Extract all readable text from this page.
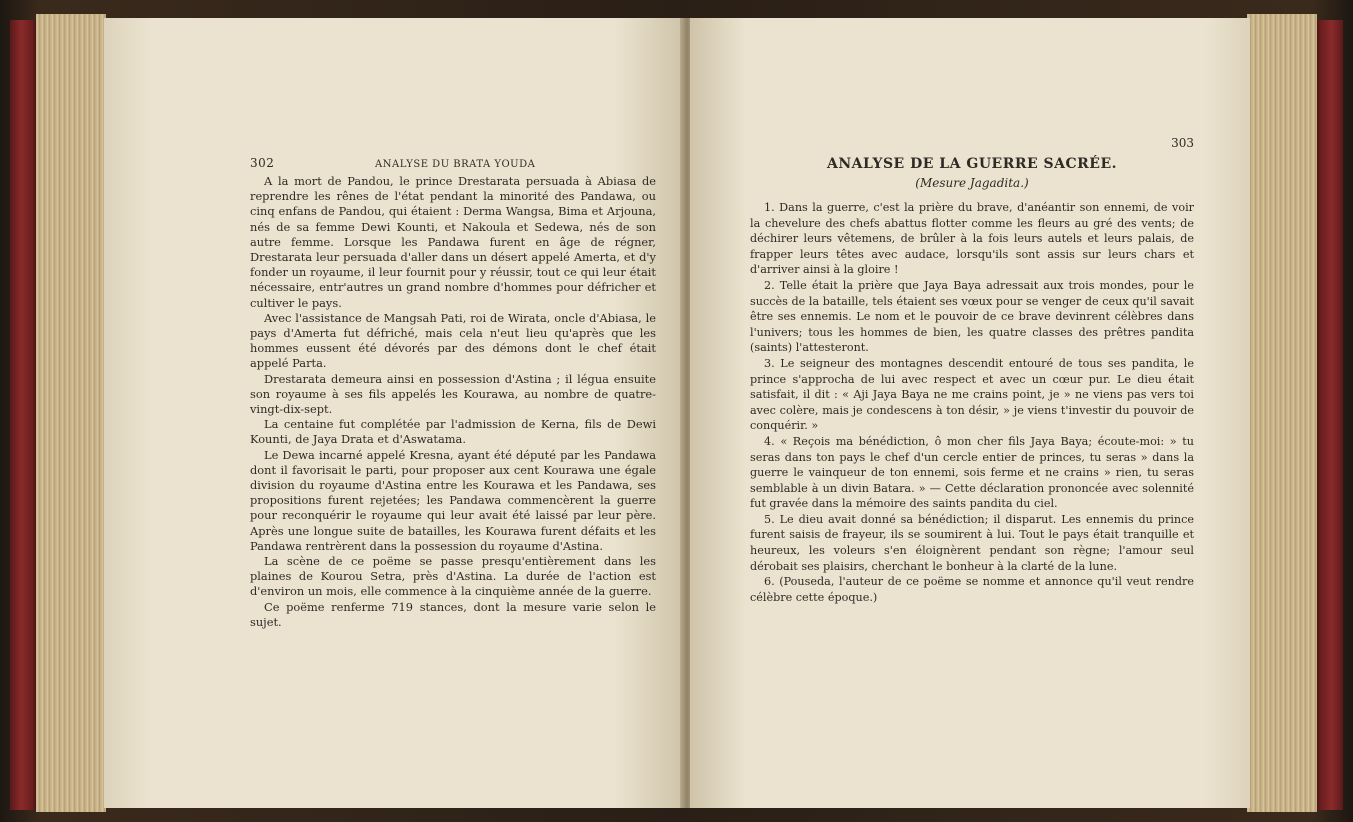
302	ANALYSE DU BRATA YOUDA

A la mort de Pandou, le prince Drestarata persuada à Abiasa de reprendre les rênes de l'état pendant la minorité des Pandawa, ou cinq enfans de Pandou, qui étaient : Derma Wangsa, Bima et Arjouna, nés de sa femme Dewi Kounti, et Nakoula et Sedewa, nés de son autre femme. Lorsque les Pandawa furent en âge de régner, Drestarata leur persuada d'aller dans un désert appelé Amerta, et d'y fonder un royaume, il leur fournit pour y réussir, tout ce qui leur était nécessaire, entr'autres un grand nombre d'hommes pour défricher et cultiver le pays.

Avec l'assistance de Mangsah Pati, roi de Wirata, oncle d'Abiasa, le pays d'Amerta fut défriché, mais cela n'eut lieu qu'après que les hommes eussent été dévorés par des démons dont le chef était appelé Parta.

Drestarata demeura ainsi en possession d'Astina ; il légua ensuite son royaume à ses fils appelés les Kourawa, au nombre de quatre-vingt-dix-sept.

La centaine fut complétée par l'admission de Kerna, fils de Dewi Kounti, de Jaya Drata et d'Aswatama.

Le Dewa incarné appelé Kresna, ayant été député par les Pandawa dont il favorisait le parti, pour proposer aux cent Kourawa une égale division du royaume d'Astina entre les Kourawa et les Pandawa, ses propositions furent rejetées; les Pandawa commencèrent la guerre pour reconquérir le royaume qui leur avait été laissé par leur père. Après une longue suite de batailles, les Kourawa furent défaits et les Pandawa rentrèrent dans la possession du royaume d'Astina.

La scène de ce poëme se passe presqu'entièrement dans les plaines de Kourou Setra, près d'Astina. La durée de l'action est d'environ un mois, elle commence à la cinquième année de la guerre.

Ce poëme renferme 719 stances, dont la mesure varie selon le sujet.

303
ANALYSE DE LA GUERRE SACRÉE.
(Mesure Jagadita.)

1. Dans la guerre, c'est la prière du brave, d'anéantir son ennemi, de voir la chevelure des chefs abattus flotter comme les fleurs au gré des vents; de déchirer leurs vêtemens, de brûler à la fois leurs autels et leurs palais, de frapper leurs têtes avec audace, lorsqu'ils sont assis sur leurs chars et d'arriver ainsi à la gloire !

2. Telle était la prière que Jaya Baya adressait aux trois mondes, pour le succès de la bataille, tels étaient ses vœux pour se venger de ceux qu'il savait être ses ennemis. Le nom et le pouvoir de ce brave devinrent célèbres dans l'univers; tous les hommes de bien, les quatre classes des prêtres pandita (saints) l'attesteront.

3. Le seigneur des montagnes descendit entouré de tous ses pandita, le prince s'approcha de lui avec respect et avec un cœur pur. Le dieu était satisfait, il dit : « Aji Jaya Baya ne me crains point, je » ne viens pas vers toi avec colère, mais je condescens à ton désir, » je viens t'investir du pouvoir de conquérir. »

4. « Reçois ma bénédiction, ô mon cher fils Jaya Baya; écoute-moi: » tu seras dans ton pays le chef d'un cercle entier de princes, tu seras » dans la guerre le vainqueur de ton ennemi, sois ferme et ne crains » rien, tu seras semblable à un divin Batara. » — Cette déclaration prononcée avec solennité fut gravée dans la mémoire des saints pandita du ciel.

5. Le dieu avait donné sa bénédiction; il disparut. Les ennemis du prince furent saisis de frayeur, ils se soumirent à lui. Tout le pays était tranquille et heureux, les voleurs s'en éloignèrent pendant son règne; l'amour seul dérobait ses plaisirs, cherchant le bonheur à la clarté de la lune.

6. (Pouseda, l'auteur de ce poëme se nomme et annonce qu'il veut rendre célèbre cette époque.)
